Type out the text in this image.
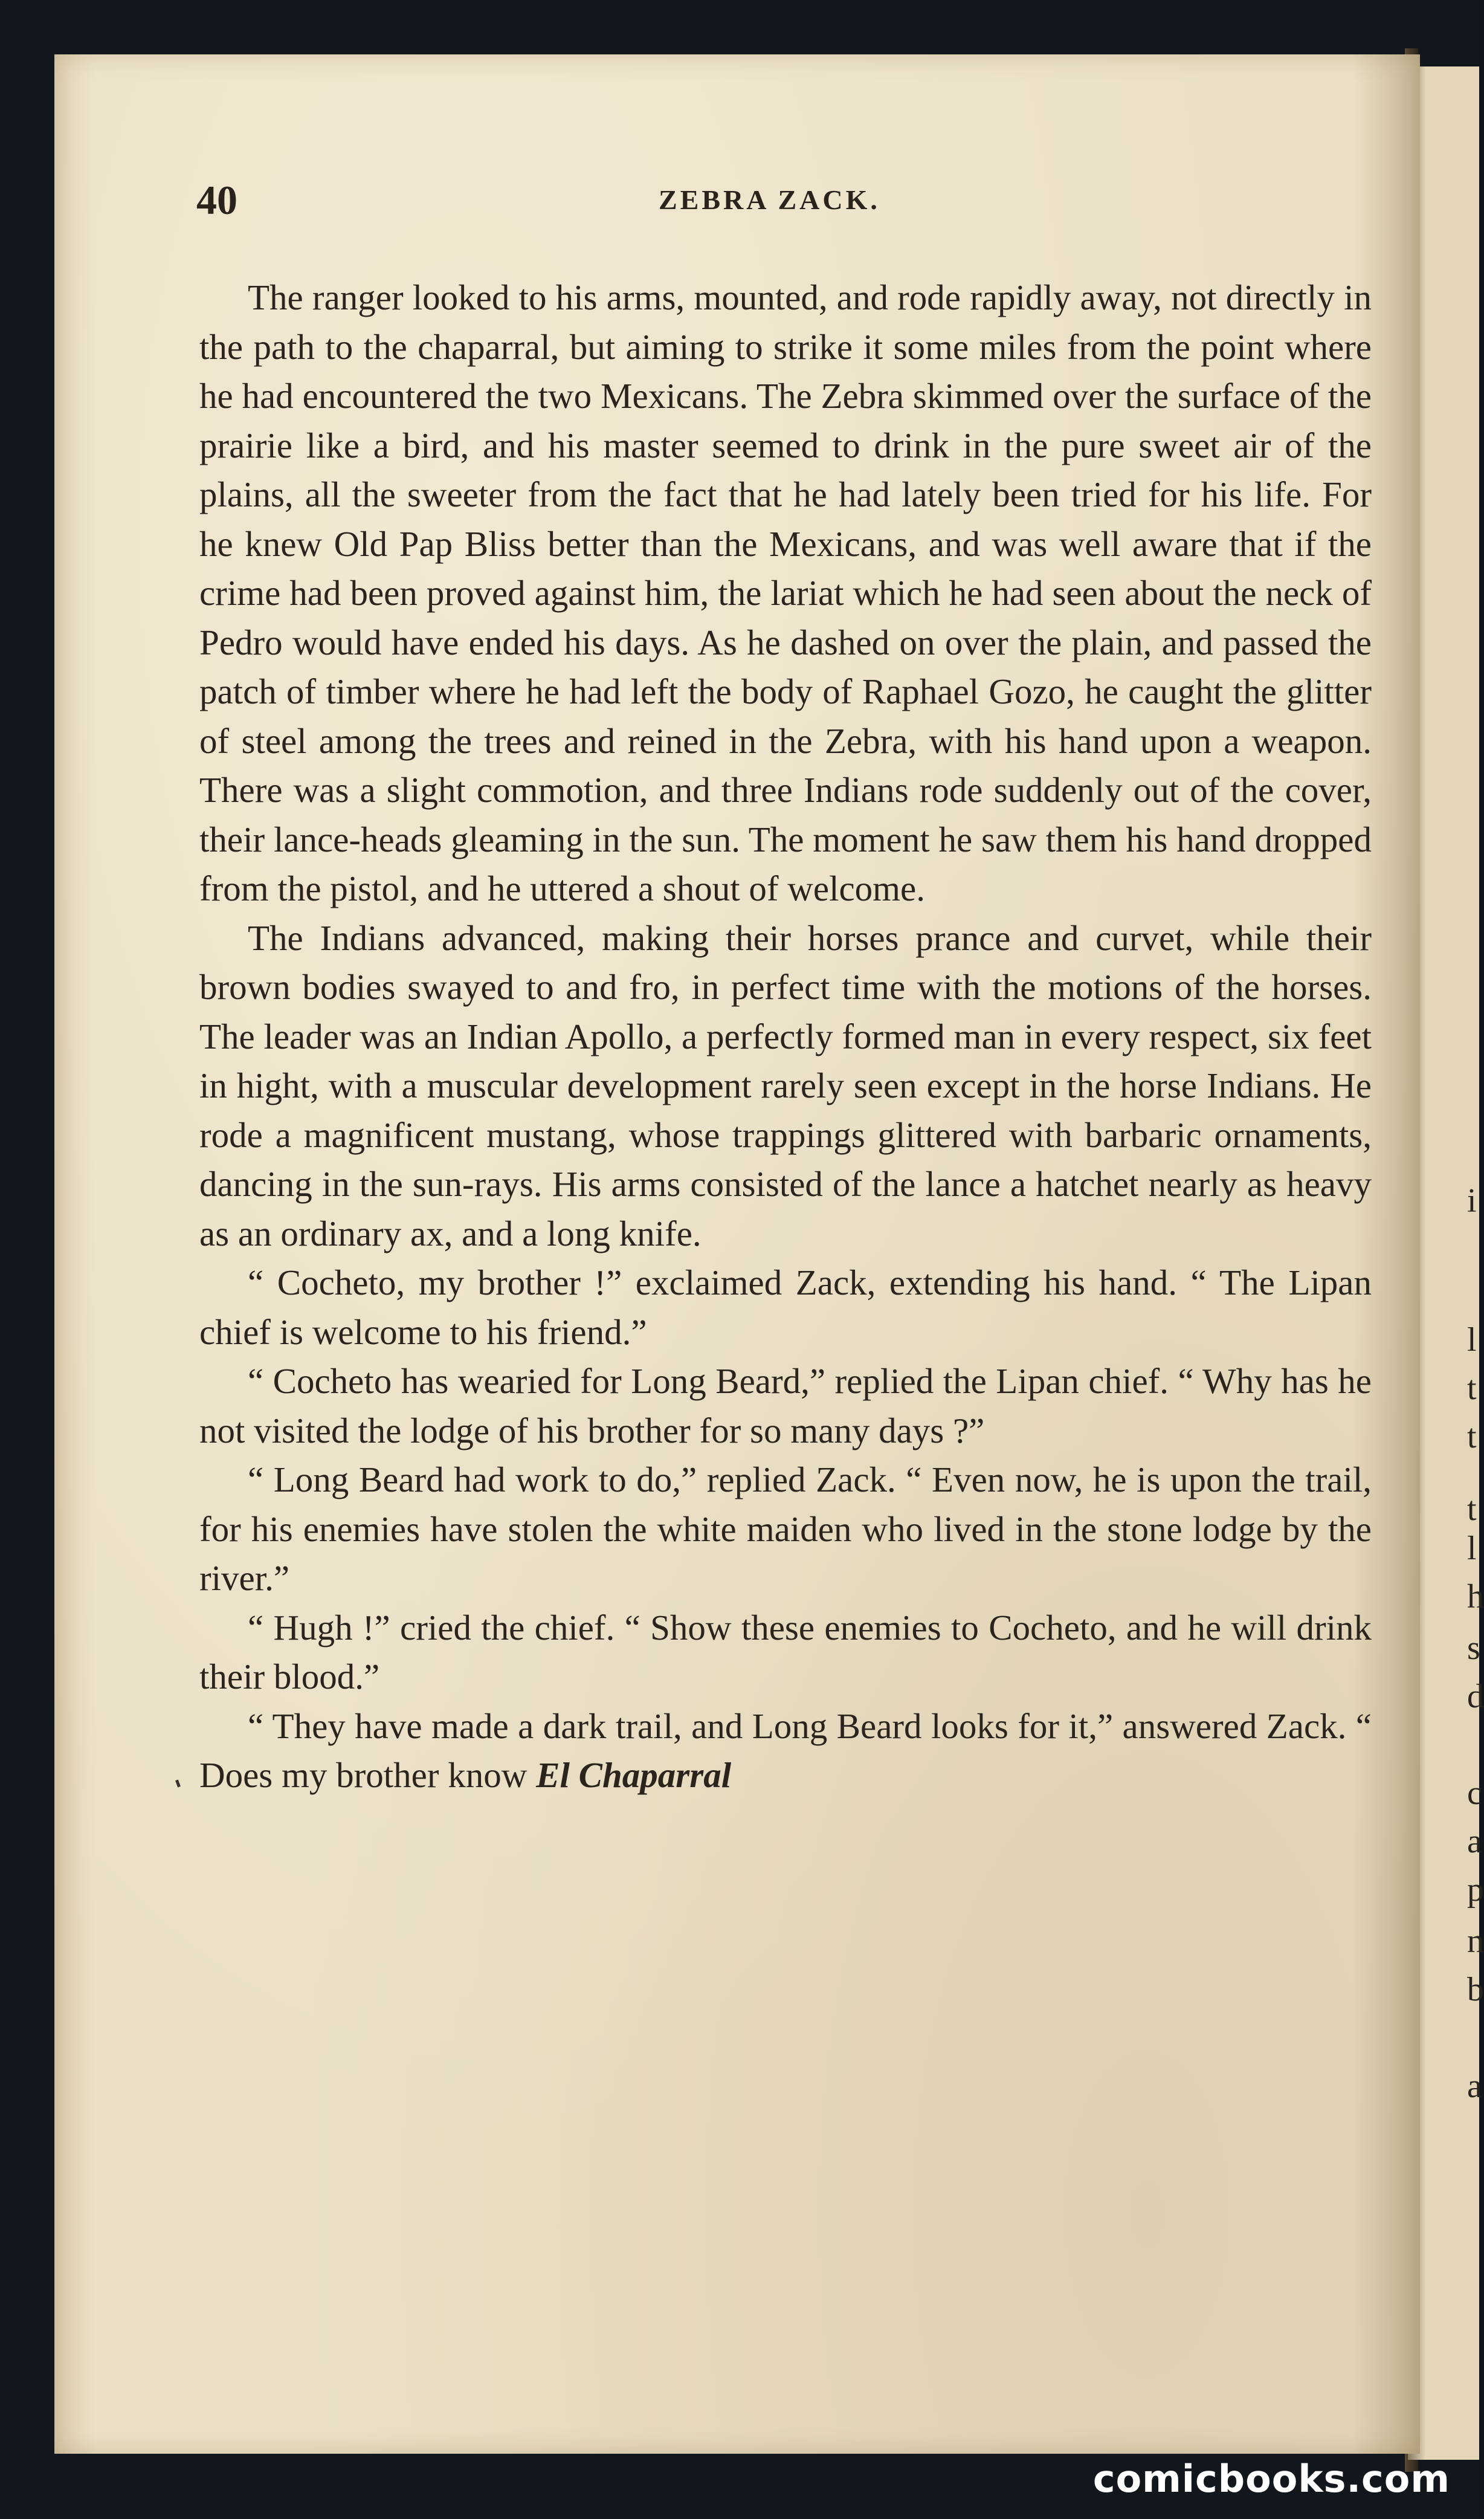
40	ZEBRA ZACK.

The ranger looked to his arms, mounted, and rode rapidly away, not directly in the path to the chaparral, but aiming to strike it some miles from the point where he had encountered the two Mexicans. The Zebra skimmed over the surface of the prairie like a bird, and his master seemed to drink in the pure sweet air of the plains, all the sweeter from the fact that he had lately been tried for his life. For he knew Old Pap Bliss better than the Mexicans, and was well aware that if the crime had been proved against him, the lariat which he had seen about the neck of Pedro would have ended his days. As he dashed on over the plain, and passed the patch of timber where he had left the body of Raphael Gozo, he caught the glitter of steel among the trees and reined in the Zebra, with his hand upon a weapon. There was a slight commotion, and three Indians rode suddenly out of the cover, their lance-heads gleaming in the sun. The moment he saw them his hand dropped from the pistol, and he uttered a shout of welcome.

The Indians advanced, making their horses prance and curvet, while their brown bodies swayed to and fro, in perfect time with the motions of the horses. The leader was an Indian Apollo, a perfectly formed man in every respect, six feet in hight, with a muscular development rarely seen except in the horse Indians. He rode a magnificent mustang, whose trappings glittered with barbaric ornaments, dancing in the sun-rays. His arms consisted of the lance a hatchet nearly as heavy as an ordinary ax, and a long knife.

“ Cocheto, my brother !” exclaimed Zack, extending his hand. “ The Lipan chief is welcome to his friend.”

“ Cocheto has wearied for Long Beard,” replied the Lipan chief. “ Why has he not visited the lodge of his brother for so many days ?”

“ Long Beard had work to do,” replied Zack. “ Even now, he is upon the trail, for his enemies have stolen the white maiden who lived in the stone lodge by the river.”

“ Hugh !” cried the chief. “ Show these enemies to Cocheto, and he will drink their blood.”

“ They have made a dark trail, and Long Beard looks for it,” answered Zack. “ Does my brother know El Chaparral

i
l
t
t
t
l
h
s
d
c
a
p
n
b
a
comicbooks.com
